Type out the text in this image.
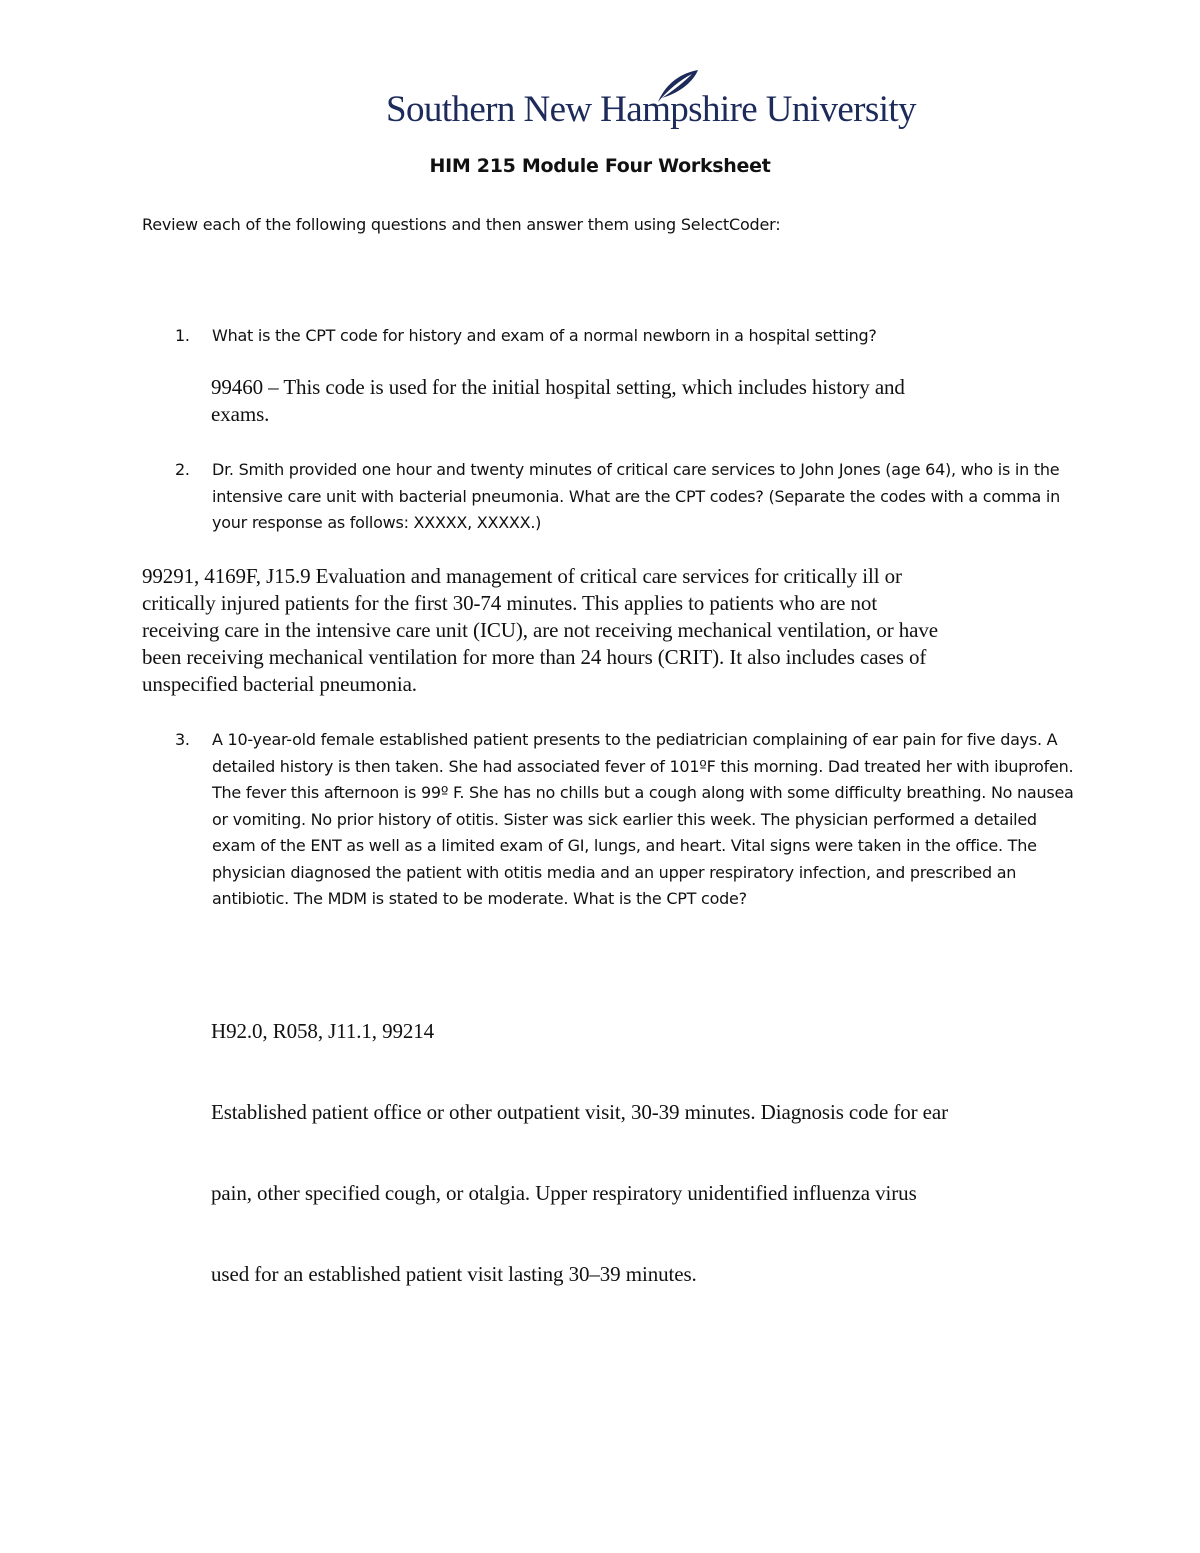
Southern New Hampshire University
HIM 215 Module Four Worksheet
Review each of the following questions and then answer them using SelectCoder:
1. What is the CPT code for history and exam of a normal newborn in a hospital setting?
99460 – This code is used for the initial hospital setting, which includes history and
exams.
2. Dr. Smith provided one hour and twenty minutes of critical care services to John Jones (age 64), who is in the intensive care unit with bacterial pneumonia. What are the CPT codes? (Separate the codes with a comma in your response as follows: XXXXX, XXXXX.)
99291, 4169F, J15.9 Evaluation and management of critical care services for critically ill or
critically injured patients for the first 30-74 minutes. This applies to patients who are not
receiving care in the intensive care unit (ICU), are not receiving mechanical ventilation, or have
been receiving mechanical ventilation for more than 24 hours (CRIT). It also includes cases of
unspecified bacterial pneumonia.
3. A 10-year-old female established patient presents to the pediatrician complaining of ear pain for five days. A detailed history is then taken. She had associated fever of 101ºF this morning. Dad treated her with ibuprofen. The fever this afternoon is 99º F. She has no chills but a cough along with some difficulty breathing. No nausea or vomiting. No prior history of otitis. Sister was sick earlier this week. The physician performed a detailed exam of the ENT as well as a limited exam of GI, lungs, and heart. Vital signs were taken in the office. The physician diagnosed the patient with otitis media and an upper respiratory infection, and prescribed an antibiotic. The MDM is stated to be moderate. What is the CPT code?

H92.0, R058, J11.1, 99214

Established patient office or other outpatient visit, 30-39 minutes. Diagnosis code for ear

pain, other specified cough, or otalgia. Upper respiratory unidentified influenza virus

used for an established patient visit lasting 30–39 minutes.
